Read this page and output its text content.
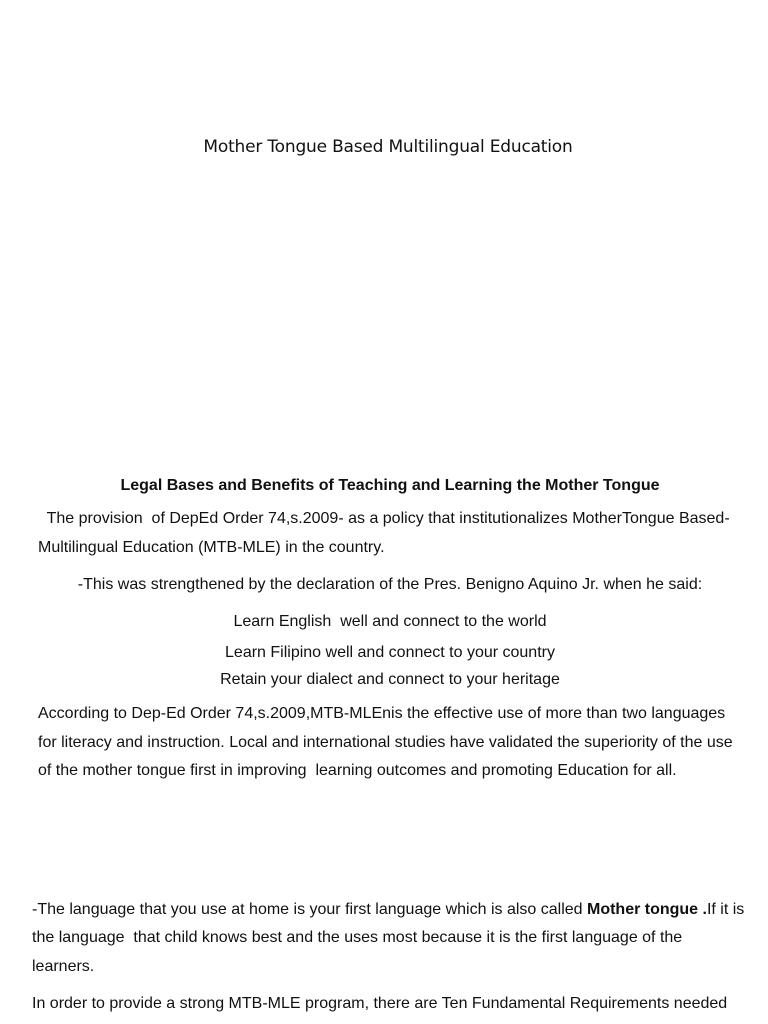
Mother Tongue Based Multilingual Education
Legal Bases and Benefits of Teaching and Learning the Mother Tongue
The provision  of DepEd Order 74,s.2009- as a policy that institutionalizes MotherTongue Based-
Multilingual Education (MTB-MLE) in the country.
-This was strengthened by the declaration of the Pres. Benigno Aquino Jr. when he said:
Learn English  well and connect to the world
Learn Filipino well and connect to your country
Retain your dialect and connect to your heritage
According to Dep-Ed Order 74,s.2009,MTB-MLEnis the effective use of more than two languages
for literacy and instruction. Local and international studies have validated the superiority of the use
of the mother tongue first in improving  learning outcomes and promoting Education for all.
-The language that you use at home is your first language which is also called Mother tongue .If it is
the language  that child knows best and the uses most because it is the first language of the
learners.
In order to provide a strong MTB-MLE program, there are Ten Fundamental Requirements needed
